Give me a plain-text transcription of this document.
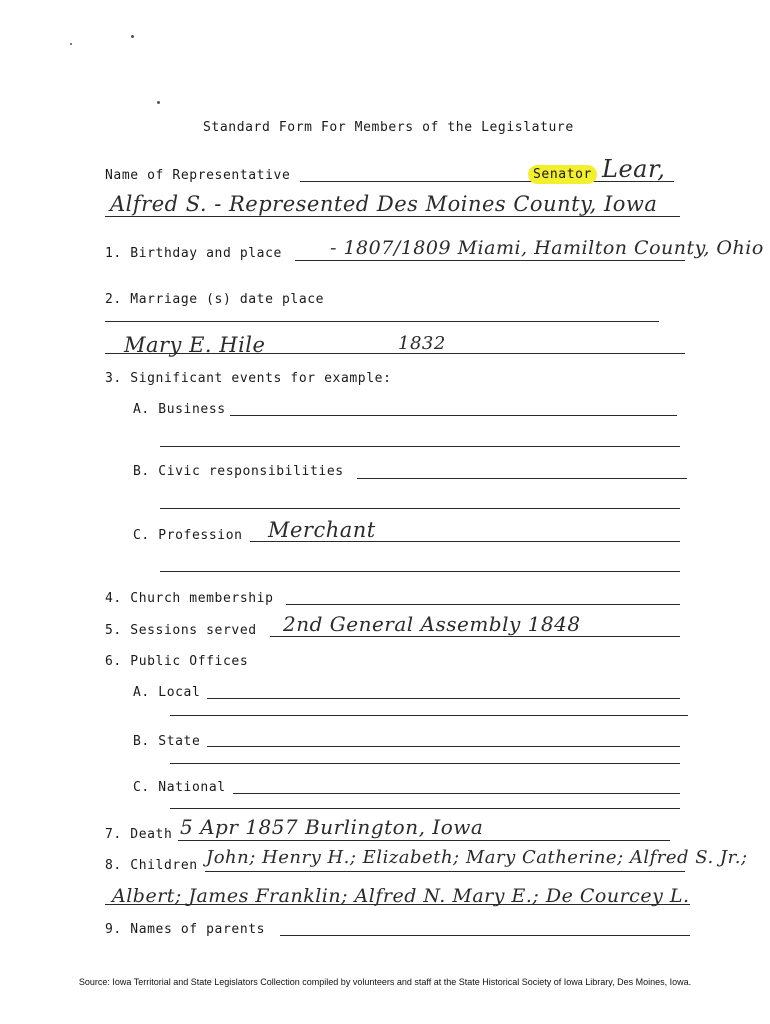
Standard Form For Members of the Legislature
Name of Representative	Senator Lear,
Alfred S. - Represented Des Moines County, Iowa
1. Birthday and place	- 1807/1809 Miami, Hamilton County, Ohio
2. Marriage (s) date place
Mary E. Hile	1832
3. Significant events for example:
A. Business
B. Civic responsibilities
C. Profession Merchant
4. Church membership
5. Sessions served 2nd General Assembly 1848
6. Public Offices
A. Local
B. State
C. National
7. Death 5 Apr 1857 Burlington, Iowa
8. Children John; Henry H.; Elizabeth; Mary Catherine; Alfred S. Jr.;
Albert; James Franklin; Alfred N. Mary E.; De Courcey L.
9. Names of parents
Source: Iowa Territorial and State Legislators Collection compiled by volunteers and staff at the State Historical Society of Iowa Library, Des Moines, Iowa.
